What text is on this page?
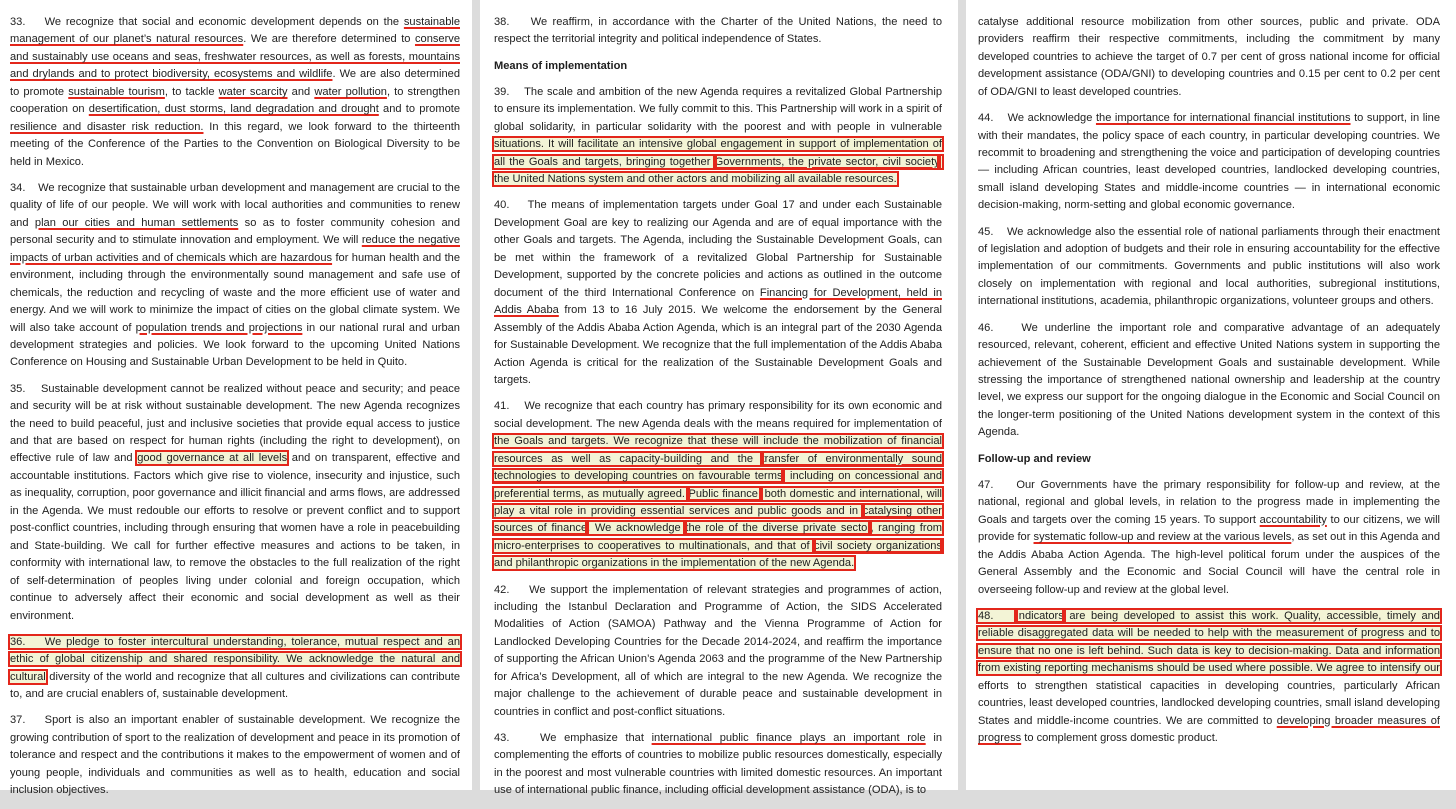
33.    We recognize that social and economic development depends on the sustainable management of our planet’s natural resources. We are therefore determined to conserve and sustainably use oceans and seas, freshwater resources, as well as forests, mountains and drylands and to protect biodiversity, ecosystems and wildlife. We are also determined to promote sustainable tourism, to tackle water scarcity and water pollution, to strengthen cooperation on desertification, dust storms, land degradation and drought and to promote resilience and disaster risk reduction. In this regard, we look forward to the thirteenth meeting of the Conference of the Parties to the Convention on Biological Diversity to be held in Mexico.

34.    We recognize that sustainable urban development and management are crucial to the quality of life of our people. We will work with local authorities and communities to renew and plan our cities and human settlements so as to foster community cohesion and personal security and to stimulate innovation and employment. We will reduce the negative impacts of urban activities and of chemicals which are hazardous for human health and the environment, including through the environmentally sound management and safe use of chemicals, the reduction and recycling of waste and the more efficient use of water and energy. And we will work to minimize the impact of cities on the global climate system. We will also take account of population trends and projections in our national rural and urban development strategies and policies. We look forward to the upcoming United Nations Conference on Housing and Sustainable Urban Development to be held in Quito.

35.    Sustainable development cannot be realized without peace and security; and peace and security will be at risk without sustainable development. The new Agenda recognizes the need to build peaceful, just and inclusive societies that provide equal access to justice and that are based on respect for human rights (including the right to development), on effective rule of law and good governance at all levels and on transparent, effective and accountable institutions. Factors which give rise to violence, insecurity and injustice, such as inequality, corruption, poor governance and illicit financial and arms flows, are addressed in the Agenda. We must redouble our efforts to resolve or prevent conflict and to support post-conflict countries, including through ensuring that women have a role in peacebuilding and State-building. We call for further effective measures and actions to be taken, in conformity with international law, to remove the obstacles to the full realization of the right of self-determination of peoples living under colonial and foreign occupation, which continue to adversely affect their economic and social development as well as their environment.

36.    We pledge to foster intercultural understanding, tolerance, mutual respect and an ethic of global citizenship and shared responsibility. We acknowledge the natural and cultural diversity of the world and recognize that all cultures and civilizations can contribute to, and are crucial enablers of, sustainable development.

37.    Sport is also an important enabler of sustainable development. We recognize the growing contribution of sport to the realization of development and peace in its promotion of tolerance and respect and the contributions it makes to the empowerment of women and of young people, individuals and communities as well as to health, education and social inclusion objectives.

38.    We reaffirm, in accordance with the Charter of the United Nations, the need to respect the territorial integrity and political independence of States.

Means of implementation

39.    The scale and ambition of the new Agenda requires a revitalized Global Partnership to ensure its implementation. We fully commit to this. This Partnership will work in a spirit of global solidarity, in particular solidarity with the poorest and with people in vulnerable situations. It will facilitate an intensive global engagement in support of implementation of all the Goals and targets, bringing together Governments, the private sector, civil society, the United Nations system and other actors and mobilizing all available resources.

40.    The means of implementation targets under Goal 17 and under each Sustainable Development Goal are key to realizing our Agenda and are of equal importance with the other Goals and targets. The Agenda, including the Sustainable Development Goals, can be met within the framework of a revitalized Global Partnership for Sustainable Development, supported by the concrete policies and actions as outlined in the outcome document of the third International Conference on Financing for Development, held in Addis Ababa from 13 to 16 July 2015. We welcome the endorsement by the General Assembly of the Addis Ababa Action Agenda, which is an integral part of the 2030 Agenda for Sustainable Development. We recognize that the full implementation of the Addis Ababa Action Agenda is critical for the realization of the Sustainable Development Goals and targets.

41.    We recognize that each country has primary responsibility for its own economic and social development. The new Agenda deals with the means required for implementation of the Goals and targets. We recognize that these will include the mobilization of financial resources as well as capacity-building and the transfer of environmentally sound technologies to developing countries on favourable terms, including on concessional and preferential terms, as mutually agreed. Public finance, both domestic and international, will play a vital role in providing essential services and public goods and in catalysing other sources of finance. We acknowledge the role of the diverse private sector, ranging from micro-enterprises to cooperatives to multinationals, and that of civil society organizations and philanthropic organizations in the implementation of the new Agenda.

42.    We support the implementation of relevant strategies and programmes of action, including the Istanbul Declaration and Programme of Action, the SIDS Accelerated Modalities of Action (SAMOA) Pathway and the Vienna Programme of Action for Landlocked Developing Countries for the Decade 2014-2024, and reaffirm the importance of supporting the African Union’s Agenda 2063 and the programme of the New Partnership for Africa’s Development, all of which are integral to the new Agenda. We recognize the major challenge to the achievement of durable peace and sustainable development in countries in conflict and post-conflict situations.

43.    We emphasize that international public finance plays an important role in complementing the efforts of countries to mobilize public resources domestically, especially in the poorest and most vulnerable countries with limited domestic resources. An important use of international public finance, including official development assistance (ODA), is to

catalyse additional resource mobilization from other sources, public and private. ODA providers reaffirm their respective commitments, including the commitment by many developed countries to achieve the target of 0.7 per cent of gross national income for official development assistance (ODA/GNI) to developing countries and 0.15 per cent to 0.2 per cent of ODA/GNI to least developed countries.

44.    We acknowledge the importance for international financial institutions to support, in line with their mandates, the policy space of each country, in particular developing countries. We recommit to broadening and strengthening the voice and participation of developing countries — including African countries, least developed countries, landlocked developing countries, small island developing States and middle-income countries — in international economic decision-making, norm-setting and global economic governance.

45.    We acknowledge also the essential role of national parliaments through their enactment of legislation and adoption of budgets and their role in ensuring accountability for the effective implementation of our commitments. Governments and public institutions will also work closely on implementation with regional and local authorities, subregional institutions, international institutions, academia, philanthropic organizations, volunteer groups and others.

46.    We underline the important role and comparative advantage of an adequately resourced, relevant, coherent, efficient and effective United Nations system in supporting the achievement of the Sustainable Development Goals and sustainable development. While stressing the importance of strengthened national ownership and leadership at the country level, we express our support for the ongoing dialogue in the Economic and Social Council on the longer-term positioning of the United Nations development system in the context of this Agenda.

Follow-up and review

47.    Our Governments have the primary responsibility for follow-up and review, at the national, regional and global levels, in relation to the progress made in implementing the Goals and targets over the coming 15 years. To support accountability to our citizens, we will provide for systematic follow-up and review at the various levels, as set out in this Agenda and the Addis Ababa Action Agenda. The high-level political forum under the auspices of the General Assembly and the Economic and Social Council will have the central role in overseeing follow-up and review at the global level.

48.    Indicators are being developed to assist this work. Quality, accessible, timely and reliable disaggregated data will be needed to help with the measurement of progress and to ensure that no one is left behind. Such data is key to decision-making. Data and information from existing reporting mechanisms should be used where possible. We agree to intensify our efforts to strengthen statistical capacities in developing countries, particularly African countries, least developed countries, landlocked developing countries, small island developing States and middle-income countries. We are committed to developing broader measures of progress to complement gross domestic product.
